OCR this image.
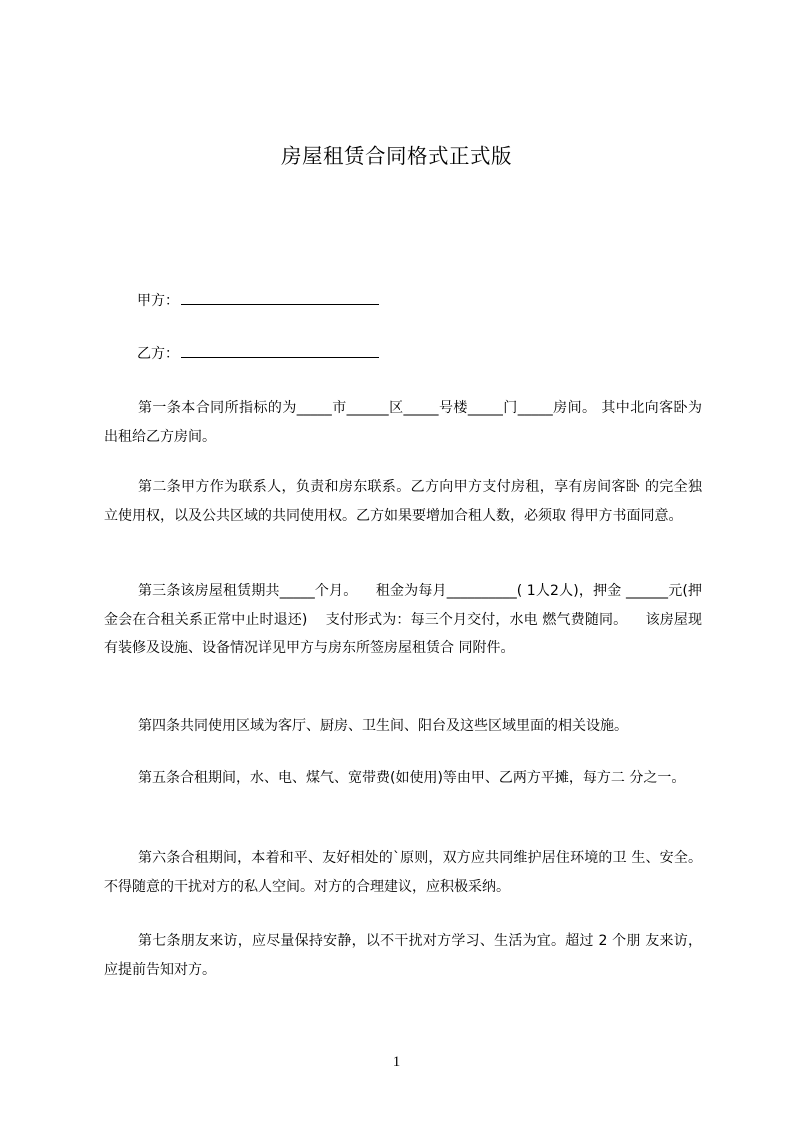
房屋租赁合同格式正式版
甲方：
乙方：
第一条本合同所指标的为_____市______区_____号楼_____门_____房间。 其中北向客卧为出租给乙方房间。
第二条甲方作为联系人，负责和房东联系。乙方向甲方支付房租，享有房间客卧 的完全独立使用权，以及公共区域的共同使用权。乙方如果要增加合租人数，必须取 得甲方书面同意。
第三条该房屋租赁期共_____个月。    租金为每月__________( 1人2人)，押金 ______元(押金会在合租关系正常中止时退还)    支付形式为：每三个月交付，水电 燃气费随同。    该房屋现有装修及设施、设备情况详见甲方与房东所签房屋租赁合 同附件。
第四条共同使用区域为客厅、厨房、卫生间、阳台及这些区域里面的相关设施。
第五条合租期间，水、电、煤气、宽带费(如使用)等由甲、乙两方平摊，每方二 分之一。
第六条合租期间，本着和平、友好相处的`原则，双方应共同维护居住环境的卫 生、安全。不得随意的干扰对方的私人空间。对方的合理建议，应积极采纳。
第七条朋友来访，应尽量保持安静，以不干扰对方学习、生活为宜。超过 2 个朋 友来访，应提前告知对方。
1
